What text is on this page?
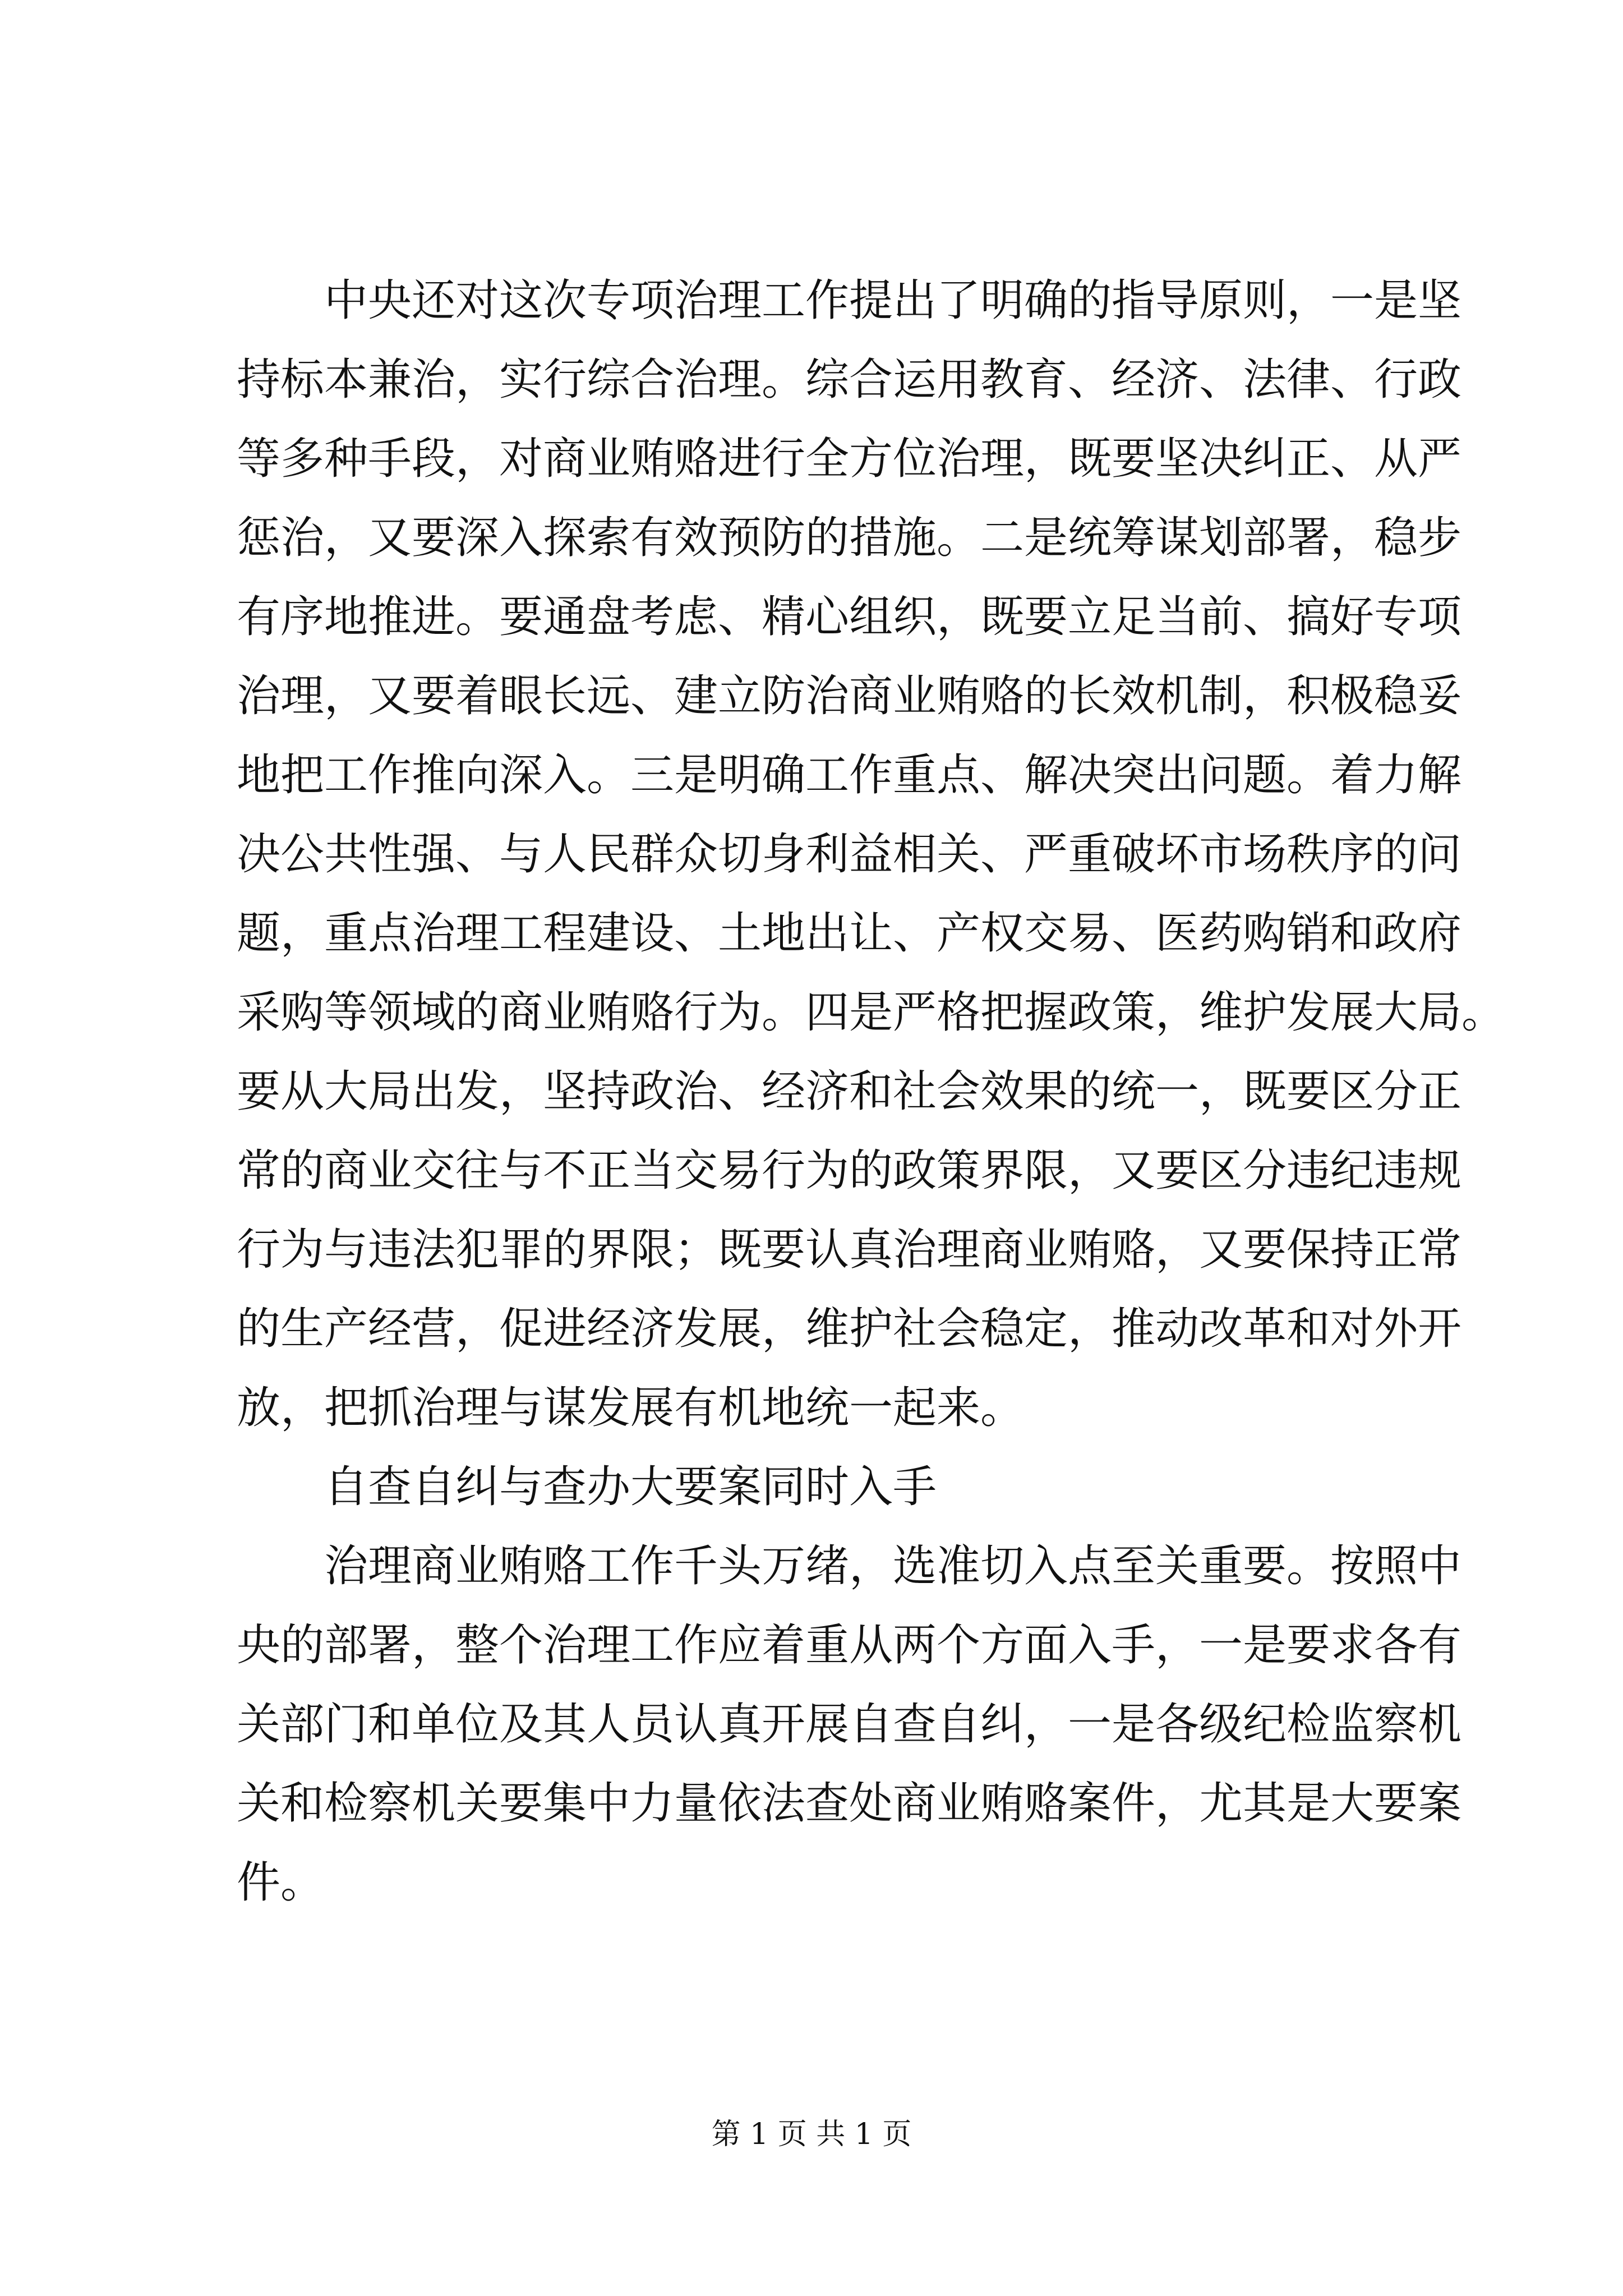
中央还对这次专项治理工作提出了明确的指导原则，一是坚
持标本兼治，实行综合治理。综合运用教育、经济、法律、行政
等多种手段，对商业贿赂进行全方位治理，既要坚决纠正、从严
惩治，又要深入探索有效预防的措施。二是统筹谋划部署，稳步
有序地推进。要通盘考虑、精心组织，既要立足当前、搞好专项
治理，又要着眼长远、建立防治商业贿赂的长效机制，积极稳妥
地把工作推向深入。三是明确工作重点、解决突出问题。着力解
决公共性强、与人民群众切身利益相关、严重破坏市场秩序的问
题，重点治理工程建设、土地出让、产权交易、医药购销和政府
采购等领域的商业贿赂行为。四是严格把握政策，维护发展大局。
要从大局出发，坚持政治、经济和社会效果的统一，既要区分正
常的商业交往与不正当交易行为的政策界限，又要区分违纪违规
行为与违法犯罪的界限；既要认真治理商业贿赂，又要保持正常
的生产经营，促进经济发展，维护社会稳定，推动改革和对外开
放，把抓治理与谋发展有机地统一起来。
自查自纠与查办大要案同时入手
治理商业贿赂工作千头万绪，选准切入点至关重要。按照中
央的部署，整个治理工作应着重从两个方面入手，一是要求各有
关部门和单位及其人员认真开展自查自纠，一是各级纪检监察机
关和检察机关要集中力量依法查处商业贿赂案件，尤其是大要案
件。
第 1 页 共 1 页
